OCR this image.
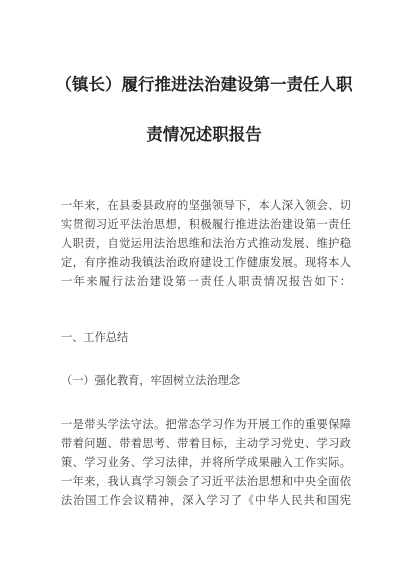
（镇长）履行推进法治建设第一责任人职
责情况述职报告
一年来，在县委县政府的坚强领导下，本人深入领会、切
实贯彻习近平法治思想，积极履行推进法治建设第一责任
人职责，自觉运用法治思维和法治方式推动发展、维护稳
定，有序推动我镇法治政府建设工作健康发展。现将本人
一年来履行法治建设第一责任人职责情况报告如下：
一、工作总结
（一）强化教育，牢固树立法治理念
一是带头学法守法。把常态学习作为开展工作的重要保障
带着问题、带着思考、带着目标，主动学习党史、学习政
策、学习业务、学习法律，并将所学成果融入工作实际。
一年来，我认真学习领会了习近平法治思想和中央全面依
法治国工作会议精神，深入学习了《中华人民共和国宪
